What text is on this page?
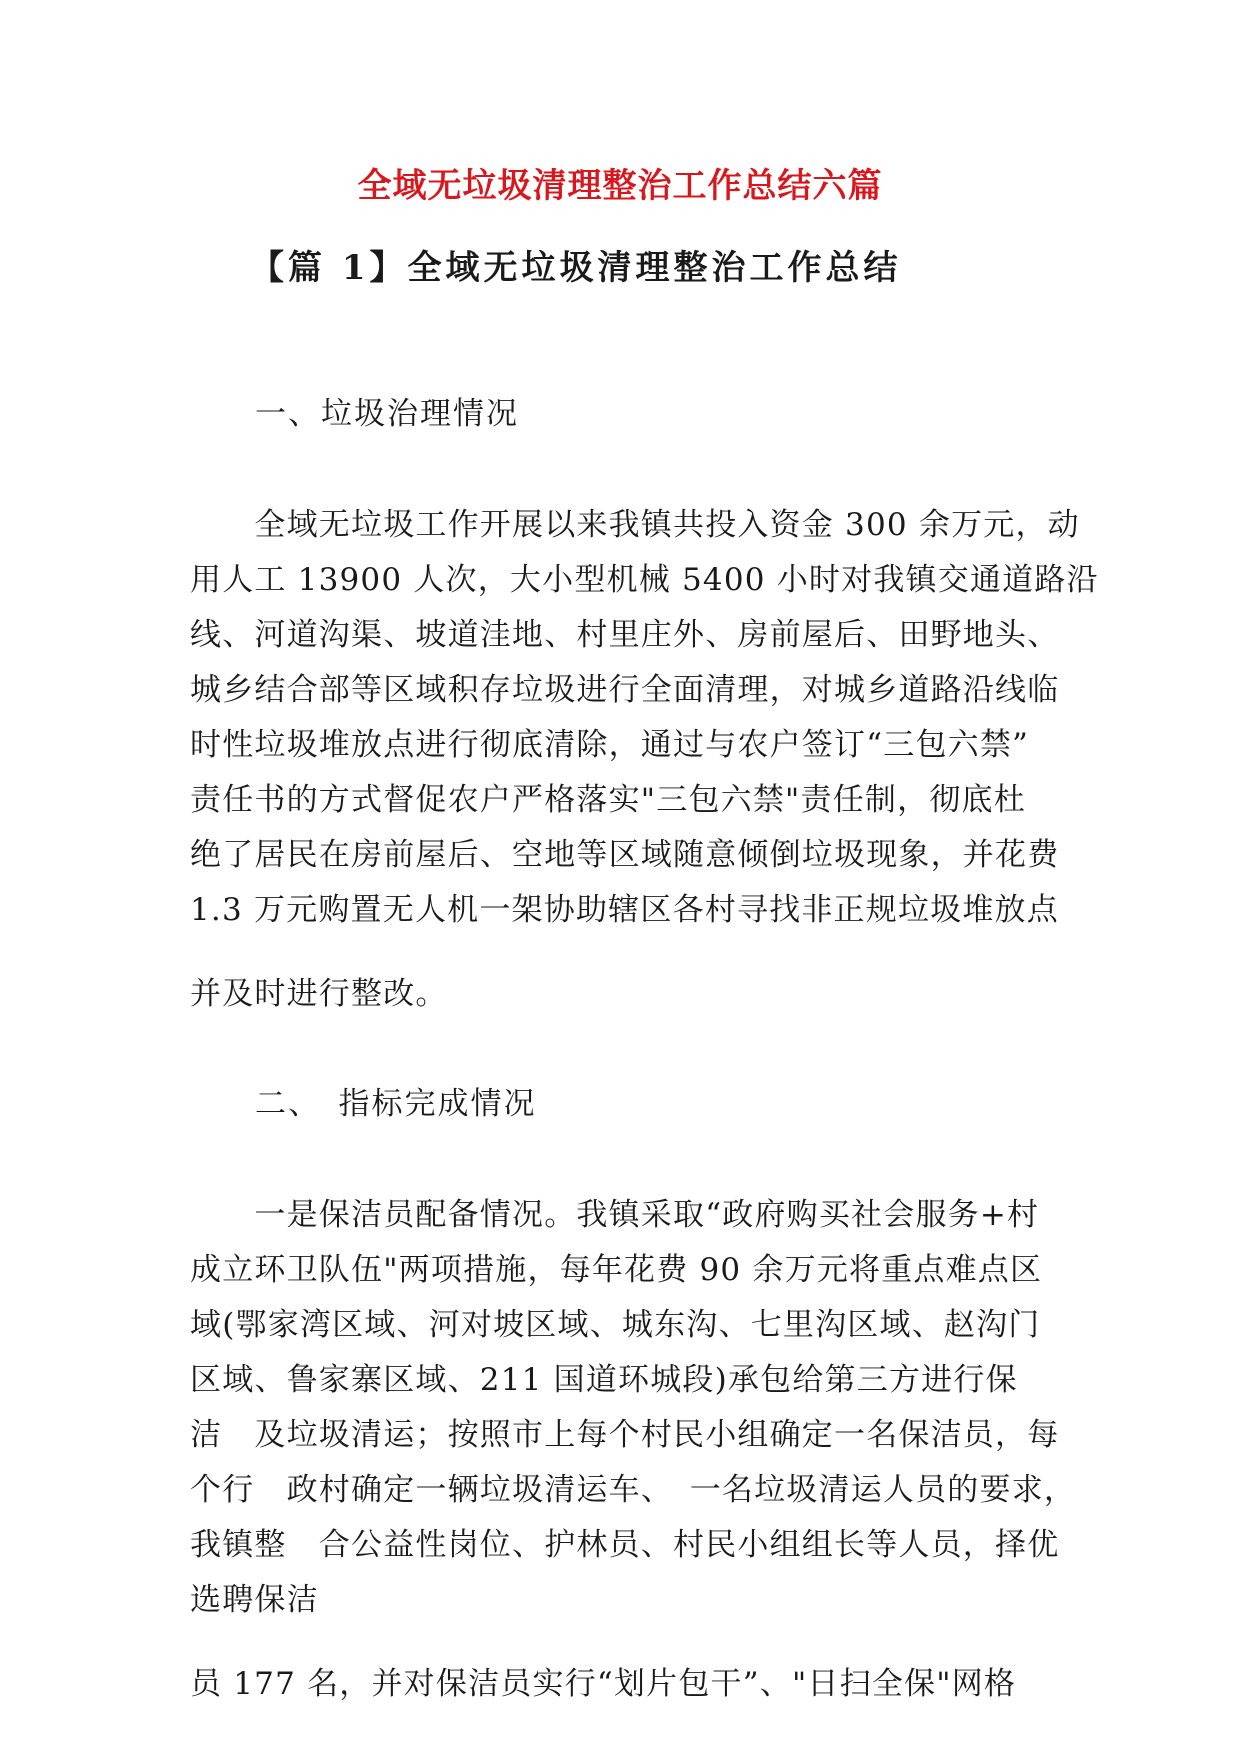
全域无垃圾清理整治工作总结六篇
【篇 1】全域无垃圾清理整治工作总结

一、垃圾治理情况

　　全域无垃圾工作开展以来我镇共投入资金 300 余万元，动
用人工 13900 人次，大小型机械 5400 小时对我镇交通道路沿
线、河道沟渠、坡道洼地、村里庄外、房前屋后、田野地头、
城乡结合部等区域积存垃圾进行全面清理，对城乡道路沿线临
时性垃圾堆放点进行彻底清除，通过与农户签订“三包六禁”
责任书的方式督促农户严格落实"三包六禁"责任制，彻底杜
绝了居民在房前屋后、空地等区域随意倾倒垃圾现象，并花费
1.3 万元购置无人机一架协助辖区各村寻找非正规垃圾堆放点

并及时进行整改。

二、　指标完成情况

　　一是保洁员配备情况。我镇采取“政府购买社会服务+村
成立环卫队伍"两项措施，每年花费 90 余万元将重点难点区
域(鄂家湾区域、河对坡区域、城东沟、七里沟区域、赵沟门
区域、鲁家寨区域、211 国道环城段)承包给第三方进行保
洁　及垃圾清运；按照市上每个村民小组确定一名保洁员，每
个行　政村确定一辆垃圾清运车、　一名垃圾清运人员的要求，
我镇整　合公益性岗位、护林员、村民小组组长等人员，择优
选聘保洁

员 177 名，并对保洁员实行“划片包干”、"日扫全保"网格
